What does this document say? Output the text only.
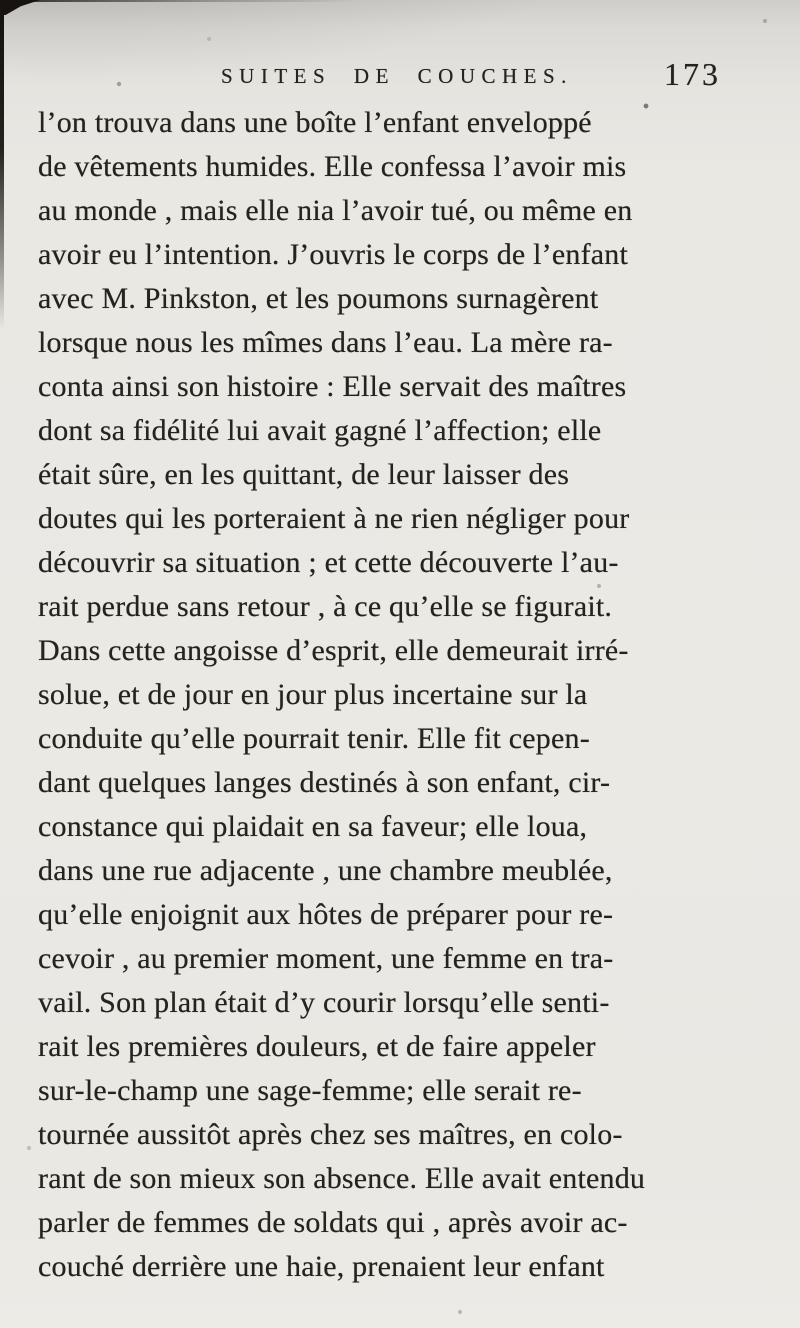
SUITES DE COUCHES.	173
l’on trouva dans une boîte l’enfant enveloppé
de vêtements humides. Elle confessa l’avoir mis
au monde , mais elle nia l’avoir tué, ou même en
avoir eu l’intention. J’ouvris le corps de l’enfant
avec M. Pinkston, et les poumons surnagèrent
lorsque nous les mîmes dans l’eau. La mère ra-
conta ainsi son histoire : Elle servait des maîtres
dont sa fidélité lui avait gagné l’affection; elle
était sûre, en les quittant, de leur laisser des
doutes qui les porteraient à ne rien négliger pour
découvrir sa situation ; et cette découverte l’au-
rait perdue sans retour , à ce qu’elle se figurait.
Dans cette angoisse d’esprit, elle demeurait irré-
solue, et de jour en jour plus incertaine sur la
conduite qu’elle pourrait tenir. Elle fit cepen-
dant quelques langes destinés à son enfant, cir-
constance qui plaidait en sa faveur; elle loua,
dans une rue adjacente , une chambre meublée,
qu’elle enjoignit aux hôtes de préparer pour re-
cevoir , au premier moment, une femme en tra-
vail. Son plan était d’y courir lorsqu’elle senti-
rait les premières douleurs, et de faire appeler
sur-le-champ une sage-femme; elle serait re-
tournée aussitôt après chez ses maîtres, en colo-
rant de son mieux son absence. Elle avait entendu
parler de femmes de soldats qui , après avoir ac-
couché derrière une haie, prenaient leur enfant
